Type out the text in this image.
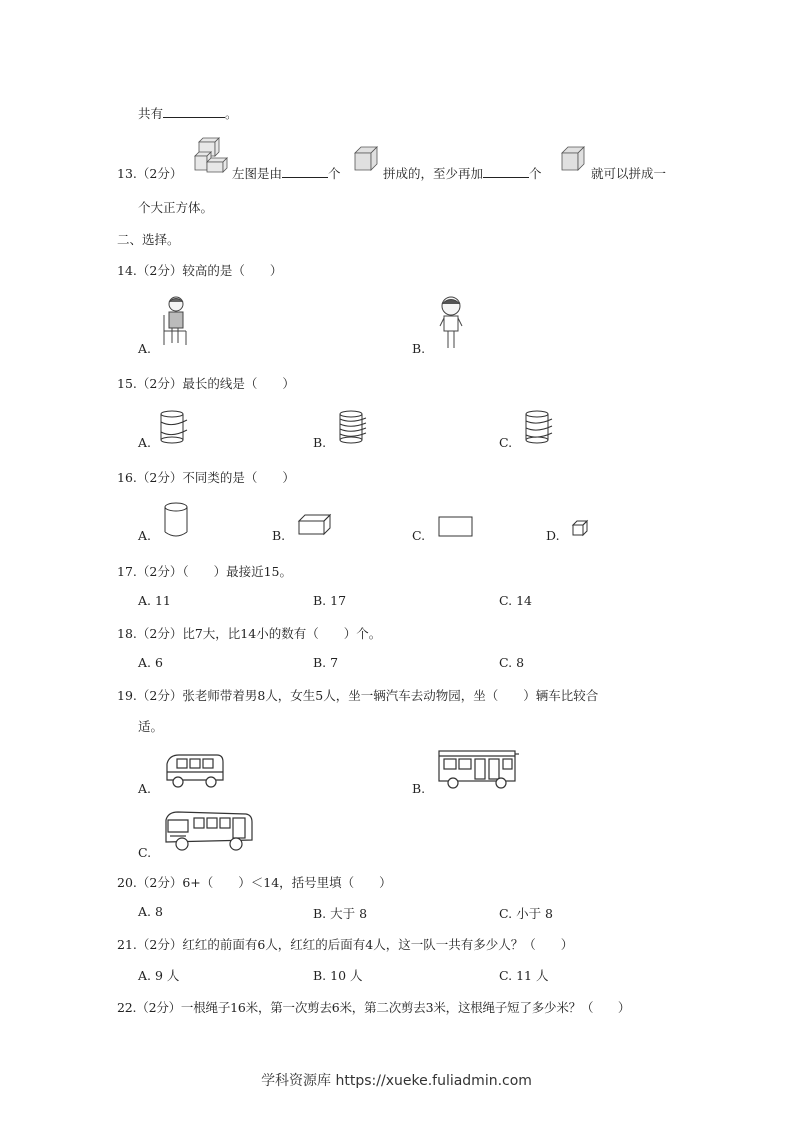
共有	。
13.（2分）	左图是由	个	拼成的，至少再加	个	就可以拼成一
个大正方体。
二、选择。
14.（2分）较高的是（　　）
A.	B.
15.（2分）最长的线是（　　）
A.	B.	C.
16.（2分）不同类的是（　　）
A.	B.	C.	D.
17.（2分）（　　）最接近15。
A. 11	B. 17	C. 14
18.（2分）比7大，比14小的数有（　　）个。
A. 6	B. 7	C. 8
19.（2分）张老师带着男8人，女生5人，坐一辆汽车去动物园，坐（　　）辆车比较合
适。
A.	B.
C.
20.（2分）6+（　　）＜14，括号里填（　　）
A. 8	B. 大于 8	C. 小于 8
21.（2分）红红的前面有6人，红红的后面有4人，这一队一共有多少人？（　　）
A. 9 人	B. 10 人	C. 11 人
22.（2分）一根绳子16米，第一次剪去6米，第二次剪去3米，这根绳子短了多少米？（　　）
学科资源库 https://xueke.fuliadmin.com
